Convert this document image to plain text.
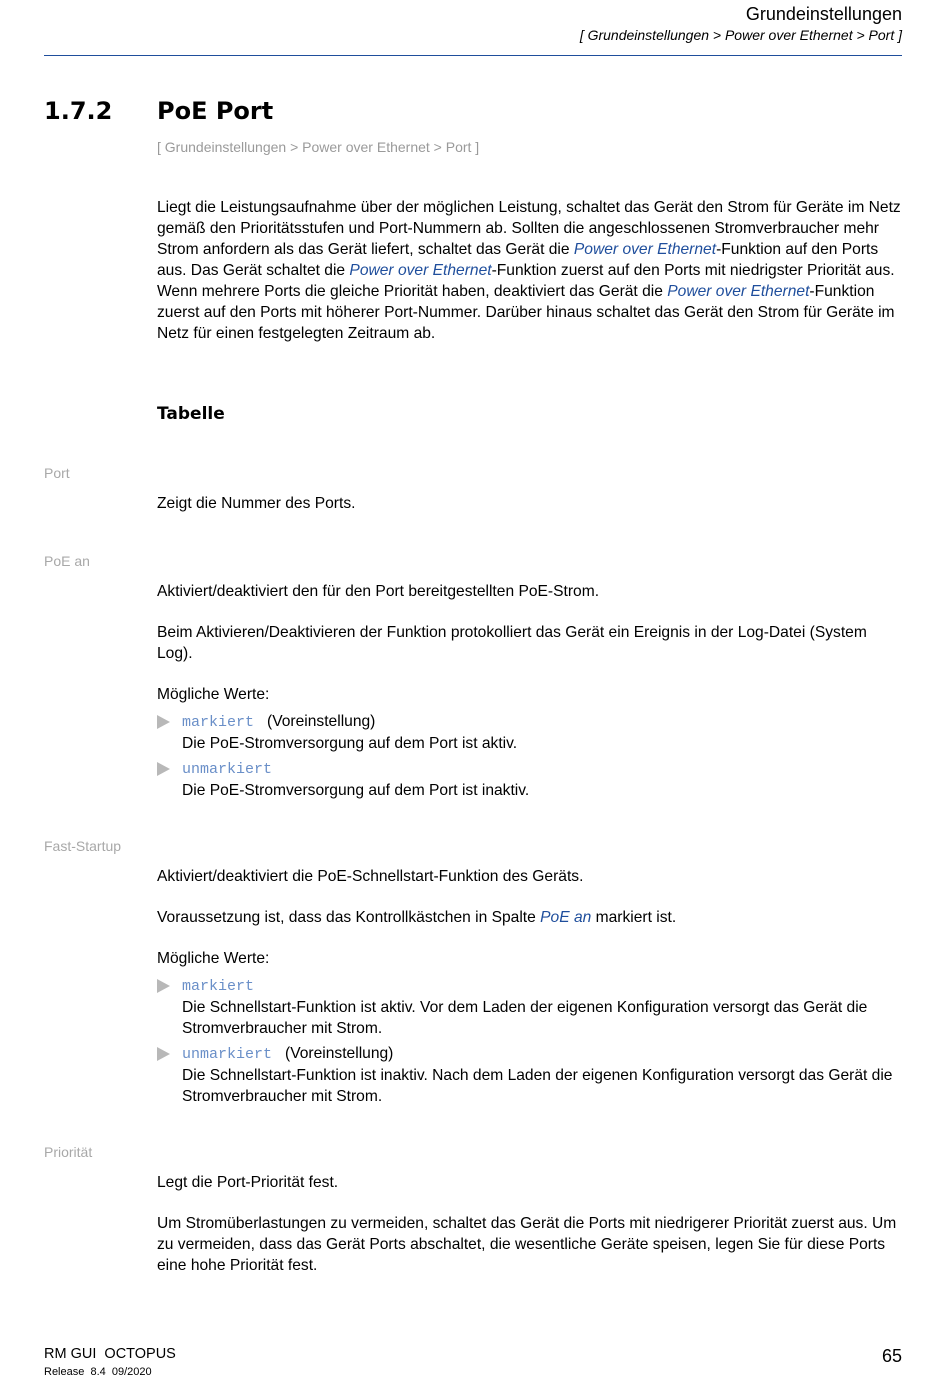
Grundeinstellungen
[ Grundeinstellungen > Power over Ethernet > Port ]
1.7.2 PoE Port
[ Grundeinstellungen > Power over Ethernet > Port ]

Liegt die Leistungsaufnahme über der möglichen Leistung, schaltet das Gerät den Strom für Geräte im Netz gemäß den Prioritätsstufen und Port-Nummern ab. Sollten die angeschlossenen Stromverbraucher mehr Strom anfordern als das Gerät liefert, schaltet das Gerät die Power over Ethernet-Funktion auf den Ports aus. Das Gerät schaltet die Power over Ethernet-Funktion zuerst auf den Ports mit niedrigster Priorität aus. Wenn mehrere Ports die gleiche Priorität haben, deaktiviert das Gerät die Power over Ethernet-Funktion zuerst auf den Ports mit höherer Port-Nummer. Darüber hinaus schaltet das Gerät den Strom für Geräte im Netz für einen festgelegten Zeitraum ab.

Tabelle
Port
Zeigt die Nummer des Ports.
PoE an
Aktiviert/deaktiviert den für den Port bereitgestellten PoE-Strom.
Beim Aktivieren/Deaktivieren der Funktion protokolliert das Gerät ein Ereignis in der Log-Datei (System Log).
Mögliche Werte:
markiert (Voreinstellung)
Die PoE-Stromversorgung auf dem Port ist aktiv.
unmarkiert
Die PoE-Stromversorgung auf dem Port ist inaktiv.
Fast-Startup
Aktiviert/deaktiviert die PoE-Schnellstart-Funktion des Geräts.
Voraussetzung ist, dass das Kontrollkästchen in Spalte PoE an markiert ist.
Mögliche Werte:
markiert
Die Schnellstart-Funktion ist aktiv. Vor dem Laden der eigenen Konfiguration versorgt das Gerät die Stromverbraucher mit Strom.
unmarkiert (Voreinstellung)
Die Schnellstart-Funktion ist inaktiv. Nach dem Laden der eigenen Konfiguration versorgt das Gerät die Stromverbraucher mit Strom.
Priorität
Legt die Port-Priorität fest.
Um Stromüberlastungen zu vermeiden, schaltet das Gerät die Ports mit niedrigerer Priorität zuerst aus. Um zu vermeiden, dass das Gerät Ports abschaltet, die wesentliche Geräte speisen, legen Sie für diese Ports eine hohe Priorität fest.
RM GUI  OCTOPUS
Release  8.4  09/2020
65
